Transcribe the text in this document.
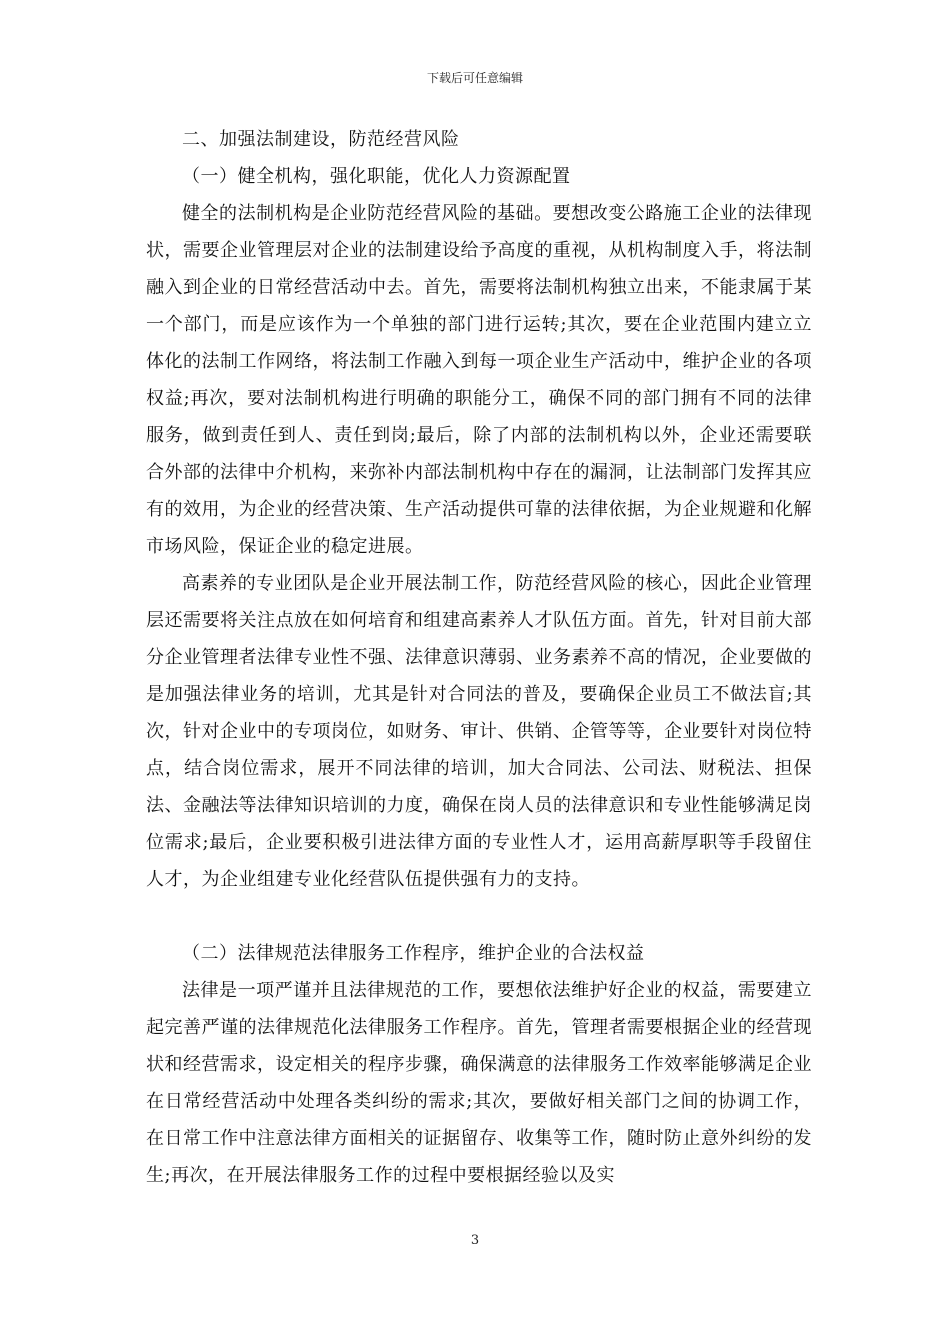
下载后可任意编辑

二、加强法制建设，防范经营风险

（一）健全机构，强化职能，优化人力资源配置

健全的法制机构是企业防范经营风险的基础。要想改变公路施工企业的法律现状，需要企业管理层对企业的法制建设给予高度的重视，从机构制度入手，将法制融入到企业的日常经营活动中去。首先，需要将法制机构独立出来，不能隶属于某一个部门，而是应该作为一个单独的部门进行运转;其次，要在企业范围内建立立体化的法制工作网络，将法制工作融入到每一项企业生产活动中，维护企业的各项权益;再次，要对法制机构进行明确的职能分工，确保不同的部门拥有不同的法律服务，做到责任到人、责任到岗;最后，除了内部的法制机构以外，企业还需要联合外部的法律中介机构，来弥补内部法制机构中存在的漏洞，让法制部门发挥其应有的效用，为企业的经营决策、生产活动提供可靠的法律依据，为企业规避和化解市场风险，保证企业的稳定进展。

高素养的专业团队是企业开展法制工作，防范经营风险的核心，因此企业管理层还需要将关注点放在如何培育和组建高素养人才队伍方面。首先，针对目前大部分企业管理者法律专业性不强、法律意识薄弱、业务素养不高的情况，企业要做的是加强法律业务的培训，尤其是针对合同法的普及，要确保企业员工不做法盲;其次，针对企业中的专项岗位，如财务、审计、供销、企管等等，企业要针对岗位特点，结合岗位需求，展开不同法律的培训，加大合同法、公司法、财税法、担保法、金融法等法律知识培训的力度，确保在岗人员的法律意识和专业性能够满足岗位需求;最后，企业要积极引进法律方面的专业性人才，运用高薪厚职等手段留住人才，为企业组建专业化经营队伍提供强有力的支持。

（二）法律规范法律服务工作程序，维护企业的合法权益

法律是一项严谨并且法律规范的工作，要想依法维护好企业的权益，需要建立起完善严谨的法律规范化法律服务工作程序。首先，管理者需要根据企业的经营现状和经营需求，设定相关的程序步骤，确保满意的法律服务工作效率能够满足企业在日常经营活动中处理各类纠纷的需求;其次，要做好相关部门之间的协调工作，在日常工作中注意法律方面相关的证据留存、收集等工作，随时防止意外纠纷的发生;再次，在开展法律服务工作的过程中要根据经验以及实

3
